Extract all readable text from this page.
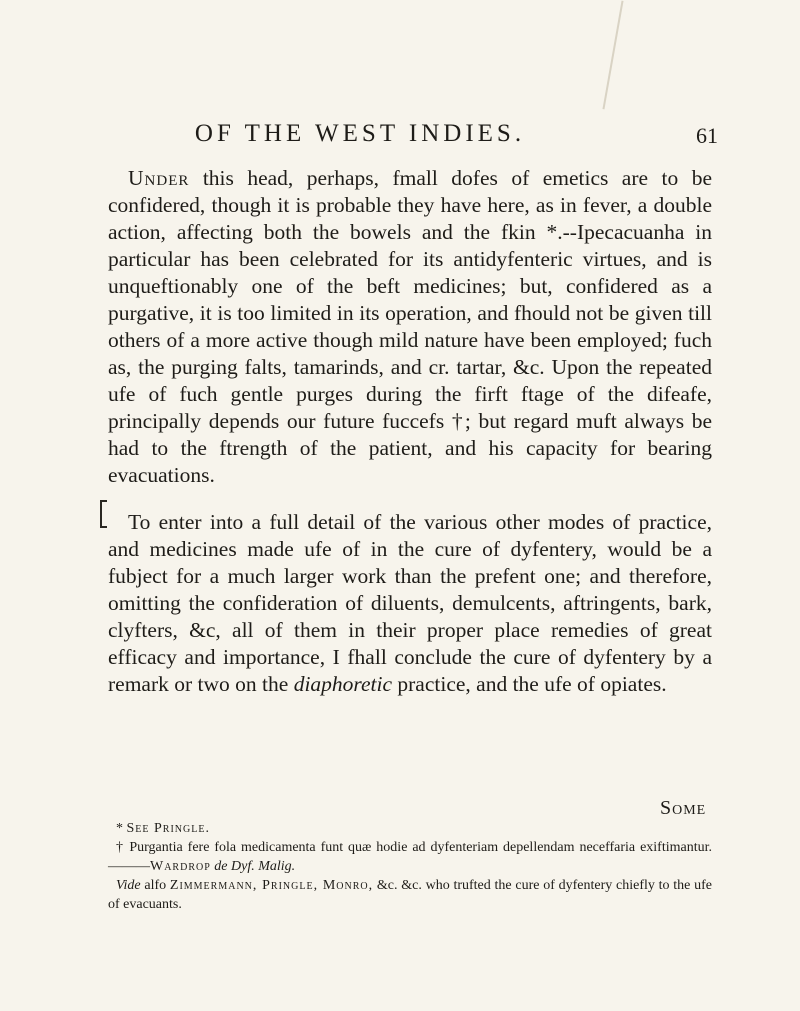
OF THE WEST INDIES.	61

Under this head, perhaps, fmall dofes of emetics are to be confidered, though it is probable they have here, as in fever, a double action, affecting both the bowels and the fkin *.--Ipecacuanha in particular has been celebrated for its antidyfenteric virtues, and is unqueftionably one of the beft medicines; but, confidered as a purgative, it is too limited in its operation, and fhould not be given till others of a more active though mild nature have been employed; fuch as, the purging falts, tamarinds, and cr. tartar, &c. Upon the repeated ufe of fuch gentle purges during the firft ftage of the difeafe, principally depends our future fuccefs †; but regard muft always be had to the ftrength of the patient, and his capacity for bearing evacuations.

To enter into a full detail of the various other modes of practice, and medicines made ufe of in the cure of dyfentery, would be a fubject for a much larger work than the prefent one; and therefore, omitting the confideration of diluents, demulcents, aftringents, bark, clyfters, &c, all of them in their proper place remedies of great efficacy and importance, I fhall conclude the cure of dyfentery by a remark or two on the diaphoretic practice, and the ufe of opiates.

Some

* See Pringle.

† Purgantia fere fola medicamenta funt quæ hodie ad dyfenteriam depellendam neceffaria exiftimantur.———Wardrop de Dyf. Malig.

Vide alfo Zimmermann, Pringle, Monro, &c. &c. who trufted the cure of dyfentery chiefly to the ufe of evacuants.
